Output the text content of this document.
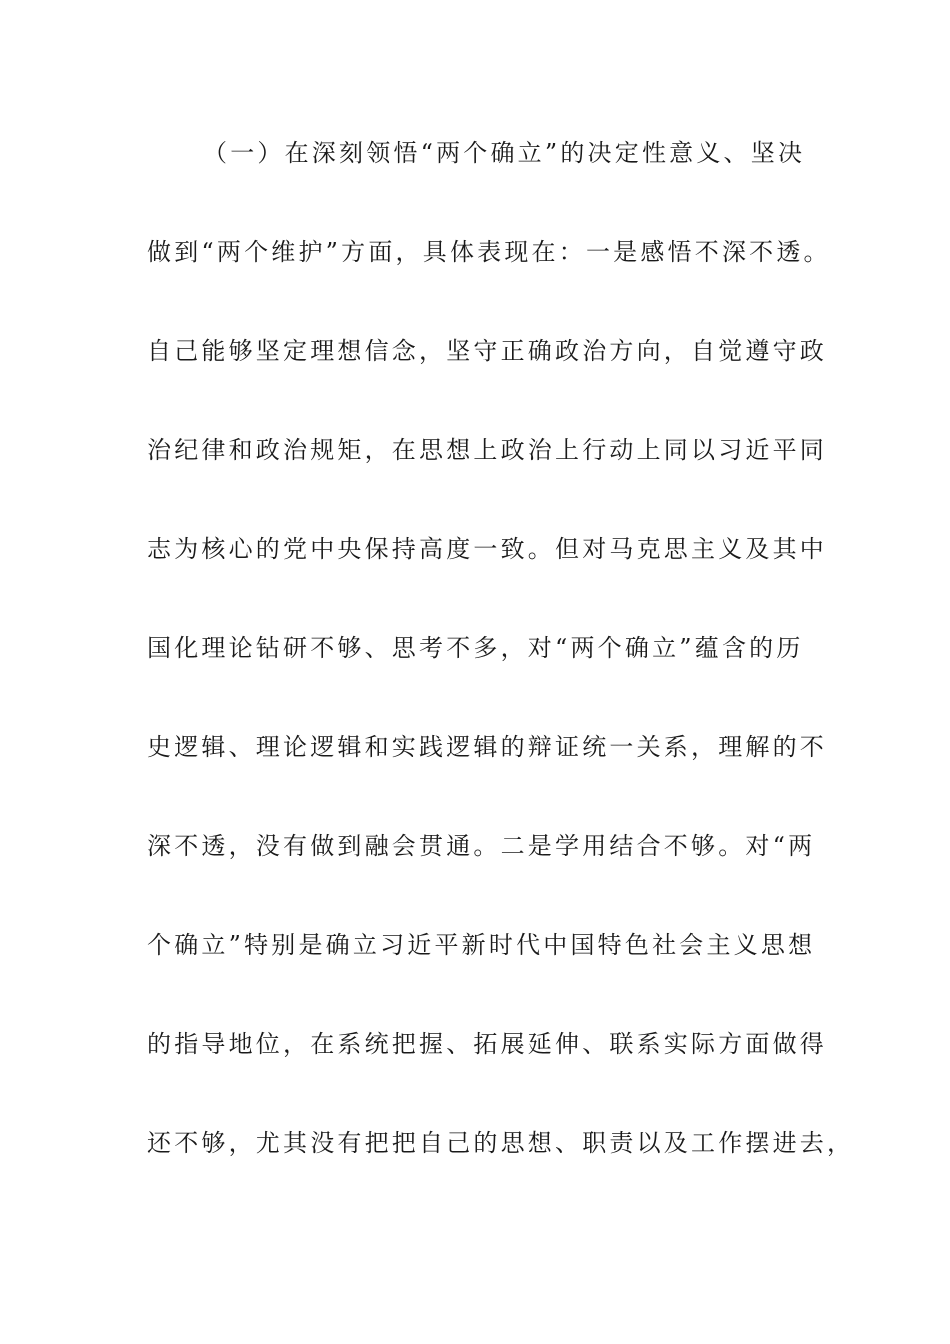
（一）在深刻领悟“两个确立”的决定性意义、坚决
做到“两个维护”方面，具体表现在：一是感悟不深不透。
自己能够坚定理想信念，坚守正确政治方向，自觉遵守政
治纪律和政治规矩，在思想上政治上行动上同以习近平同
志为核心的党中央保持高度一致。但对马克思主义及其中
国化理论钻研不够、思考不多，对“两个确立”蕴含的历
史逻辑、理论逻辑和实践逻辑的辩证统一关系，理解的不
深不透，没有做到融会贯通。二是学用结合不够。对“两
个确立”特别是确立习近平新时代中国特色社会主义思想
的指导地位，在系统把握、拓展延伸、联系实际方面做得
还不够，尤其没有把把自己的思想、职责以及工作摆进去，
